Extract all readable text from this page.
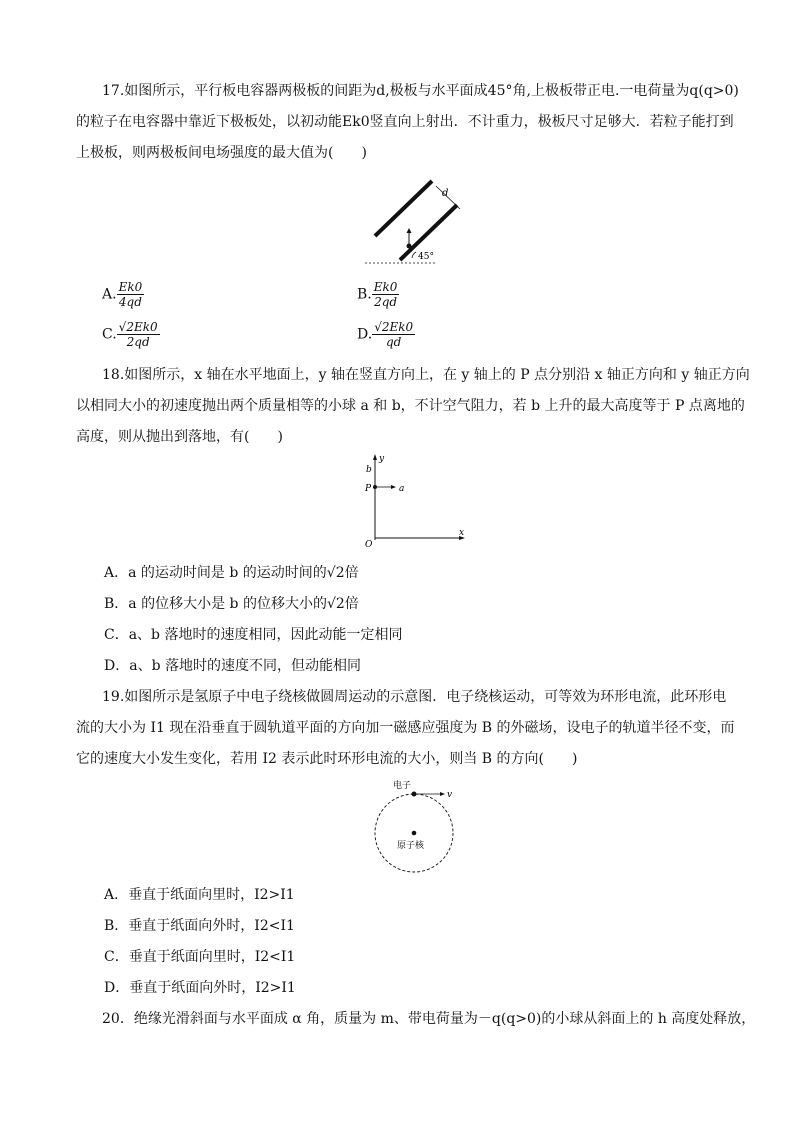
17.如图所示，平行板电容器两极板的间距为d,极板与水平面成45°角,上极板带正电.一电荷量为q(q>0)
的粒子在电容器中靠近下极板处，以初动能Ek0竖直向上射出．不计重力，极板尺寸足够大．若粒子能打到
上极板，则两极板间电场强度的最大值为(　　)
d
45°
A. $\frac{Ek0}{4qd}$	B. $\frac{Ek0}{2qd}$
C. $\frac{√2Ek0}{2qd}$	D. $\frac{√2Ek0}{qd}$
18.如图所示，x 轴在水平地面上，y 轴在竖直方向上，在 y 轴上的 P 点分别沿 x 轴正方向和 y 轴正方向
以相同大小的初速度抛出两个质量相等的小球 a 和 b，不计空气阻力，若 b 上升的最大高度等于 P 点离地的
高度，则从抛出到落地，有(　　)
y
x
b
P	a
O
A．a 的运动时间是 b 的运动时间的√2倍
B．a 的位移大小是 b 的位移大小的√2倍
C．a、b 落地时的速度相同，因此动能一定相同
D．a、b 落地时的速度不同，但动能相同
19.如图所示是氢原子中电子绕核做圆周运动的示意图．电子绕核运动，可等效为环形电流，此环形电
流的大小为 I1 现在沿垂直于圆轨道平面的方向加一磁感应强度为 B 的外磁场，设电子的轨道半径不变，而
它的速度大小发生变化，若用 I2 表示此时环形电流的大小，则当 B 的方向(　　)
电子
v
原子核
A．垂直于纸面向里时，I2>I1
B．垂直于纸面向外时，I2<I1
C．垂直于纸面向里时，I2<I1
D．垂直于纸面向外时，I2>I1
20．绝缘光滑斜面与水平面成 α 角，质量为 m、带电荷量为－q(q>0)的小球从斜面上的 h 高度处释放，
